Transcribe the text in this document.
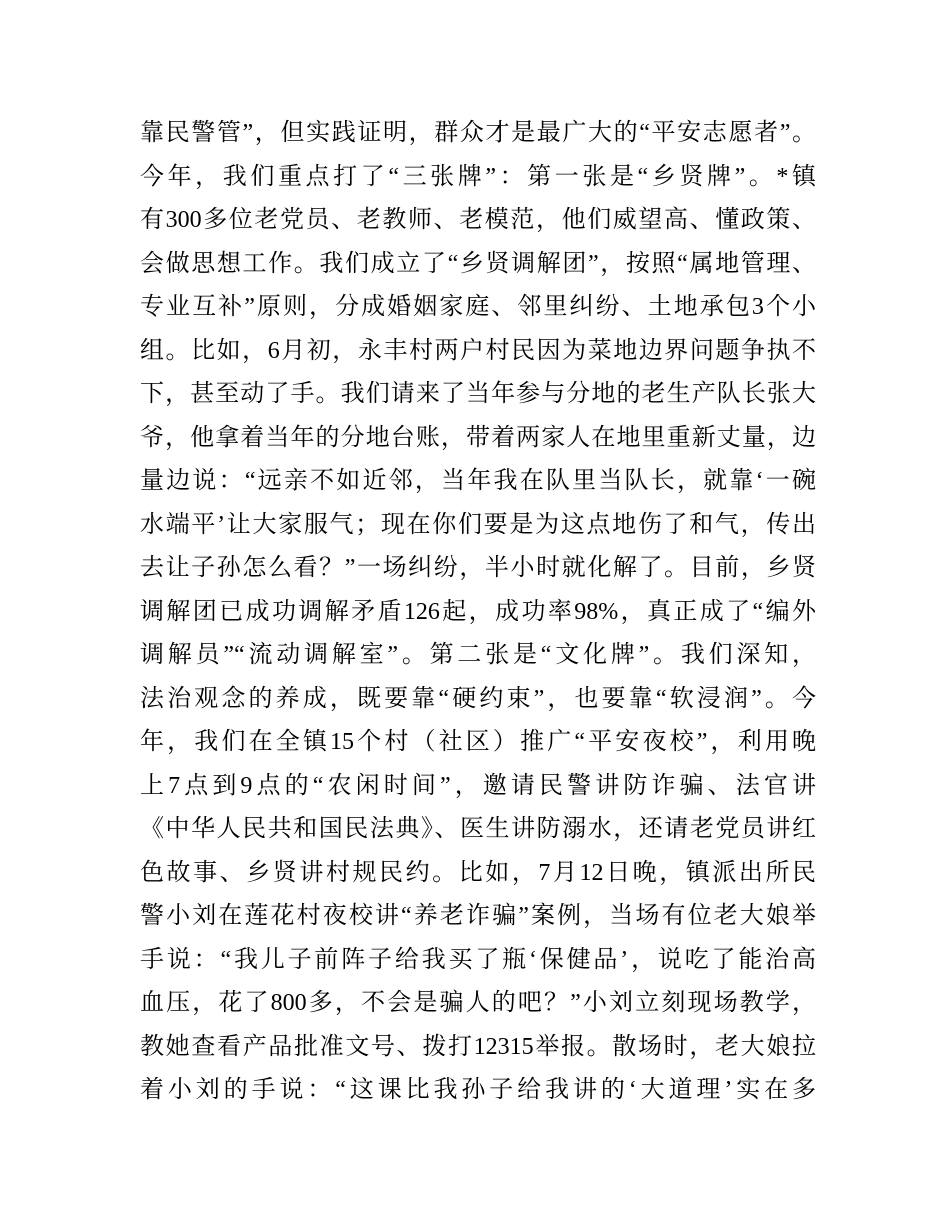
靠民警管”，但实践证明，群众才是最广大的“平安志愿者”。
今年，我们重点打了“三张牌”：第一张是“乡贤牌”。*镇
有300多位老党员、老教师、老模范，他们威望高、懂政策、
会做思想工作。我们成立了“乡贤调解团”，按照“属地管理、
专业互补”原则，分成婚姻家庭、邻里纠纷、土地承包3个小
组。比如，6月初，永丰村两户村民因为菜地边界问题争执不
下，甚至动了手。我们请来了当年参与分地的老生产队长张大
爷，他拿着当年的分地台账，带着两家人在地里重新丈量，边
量边说：“远亲不如近邻，当年我在队里当队长，就靠‘一碗
水端平’让大家服气；现在你们要是为这点地伤了和气，传出
去让子孙怎么看？”一场纠纷，半小时就化解了。目前，乡贤
调解团已成功调解矛盾126起，成功率98%，真正成了“编外
调解员”“流动调解室”。第二张是“文化牌”。我们深知，
法治观念的养成，既要靠“硬约束”，也要靠“软浸润”。今
年，我们在全镇15个村（社区）推广“平安夜校”，利用晚
上7点到9点的“农闲时间”，邀请民警讲防诈骗、法官讲
《中华人民共和国民法典》、医生讲防溺水，还请老党员讲红
色故事、乡贤讲村规民约。比如，7月12日晚，镇派出所民
警小刘在莲花村夜校讲“养老诈骗”案例，当场有位老大娘举
手说：“我儿子前阵子给我买了瓶‘保健品’，说吃了能治高
血压，花了800多，不会是骗人的吧？”小刘立刻现场教学，
教她查看产品批准文号、拨打12315举报。散场时，老大娘拉
着小刘的手说：“这课比我孙子给我讲的‘大道理’实在多
